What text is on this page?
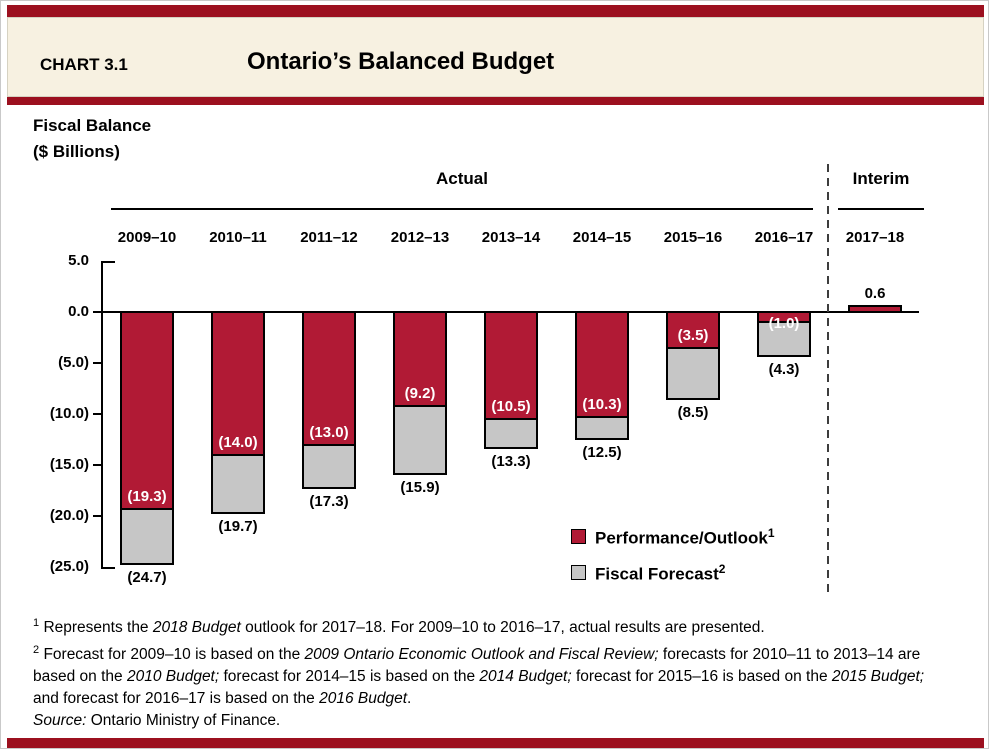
CHART 3.1	Ontario’s Balanced Budget
Fiscal Balance
($ Billions)
Actual	Interim
5.0
0.0
(5.0)
(10.0)
(15.0)
(20.0)
(25.0)
2009–10
(19.3)
(24.7)
2010–11
(14.0)
(19.7)
2011–12
(13.0)
(17.3)
2012–13
(9.2)
(15.9)
2013–14
(10.5)
(13.3)
2014–15
(10.3)
(12.5)
2015–16
(3.5)
(8.5)
2016–17
(1.0)
(4.3)
2017–18
0.6
Performance/Outlook$^1$
Fiscal Forecast$^2$
$^1$ Represents the 2018 Budget outlook for 2017–18. For 2009–10 to 2016–17, actual results are presented.
$^2$ Forecast for 2009–10 is based on the 2009 Ontario Economic Outlook and Fiscal Review; forecasts for 2010–11 to 2013–14 are based on the 2010 Budget; forecast for 2014–15 is based on the 2014 Budget; forecast for 2015–16 is based on the 2015 Budget; and forecast for 2016–17 is based on the 2016 Budget.
Source: Ontario Ministry of Finance.
